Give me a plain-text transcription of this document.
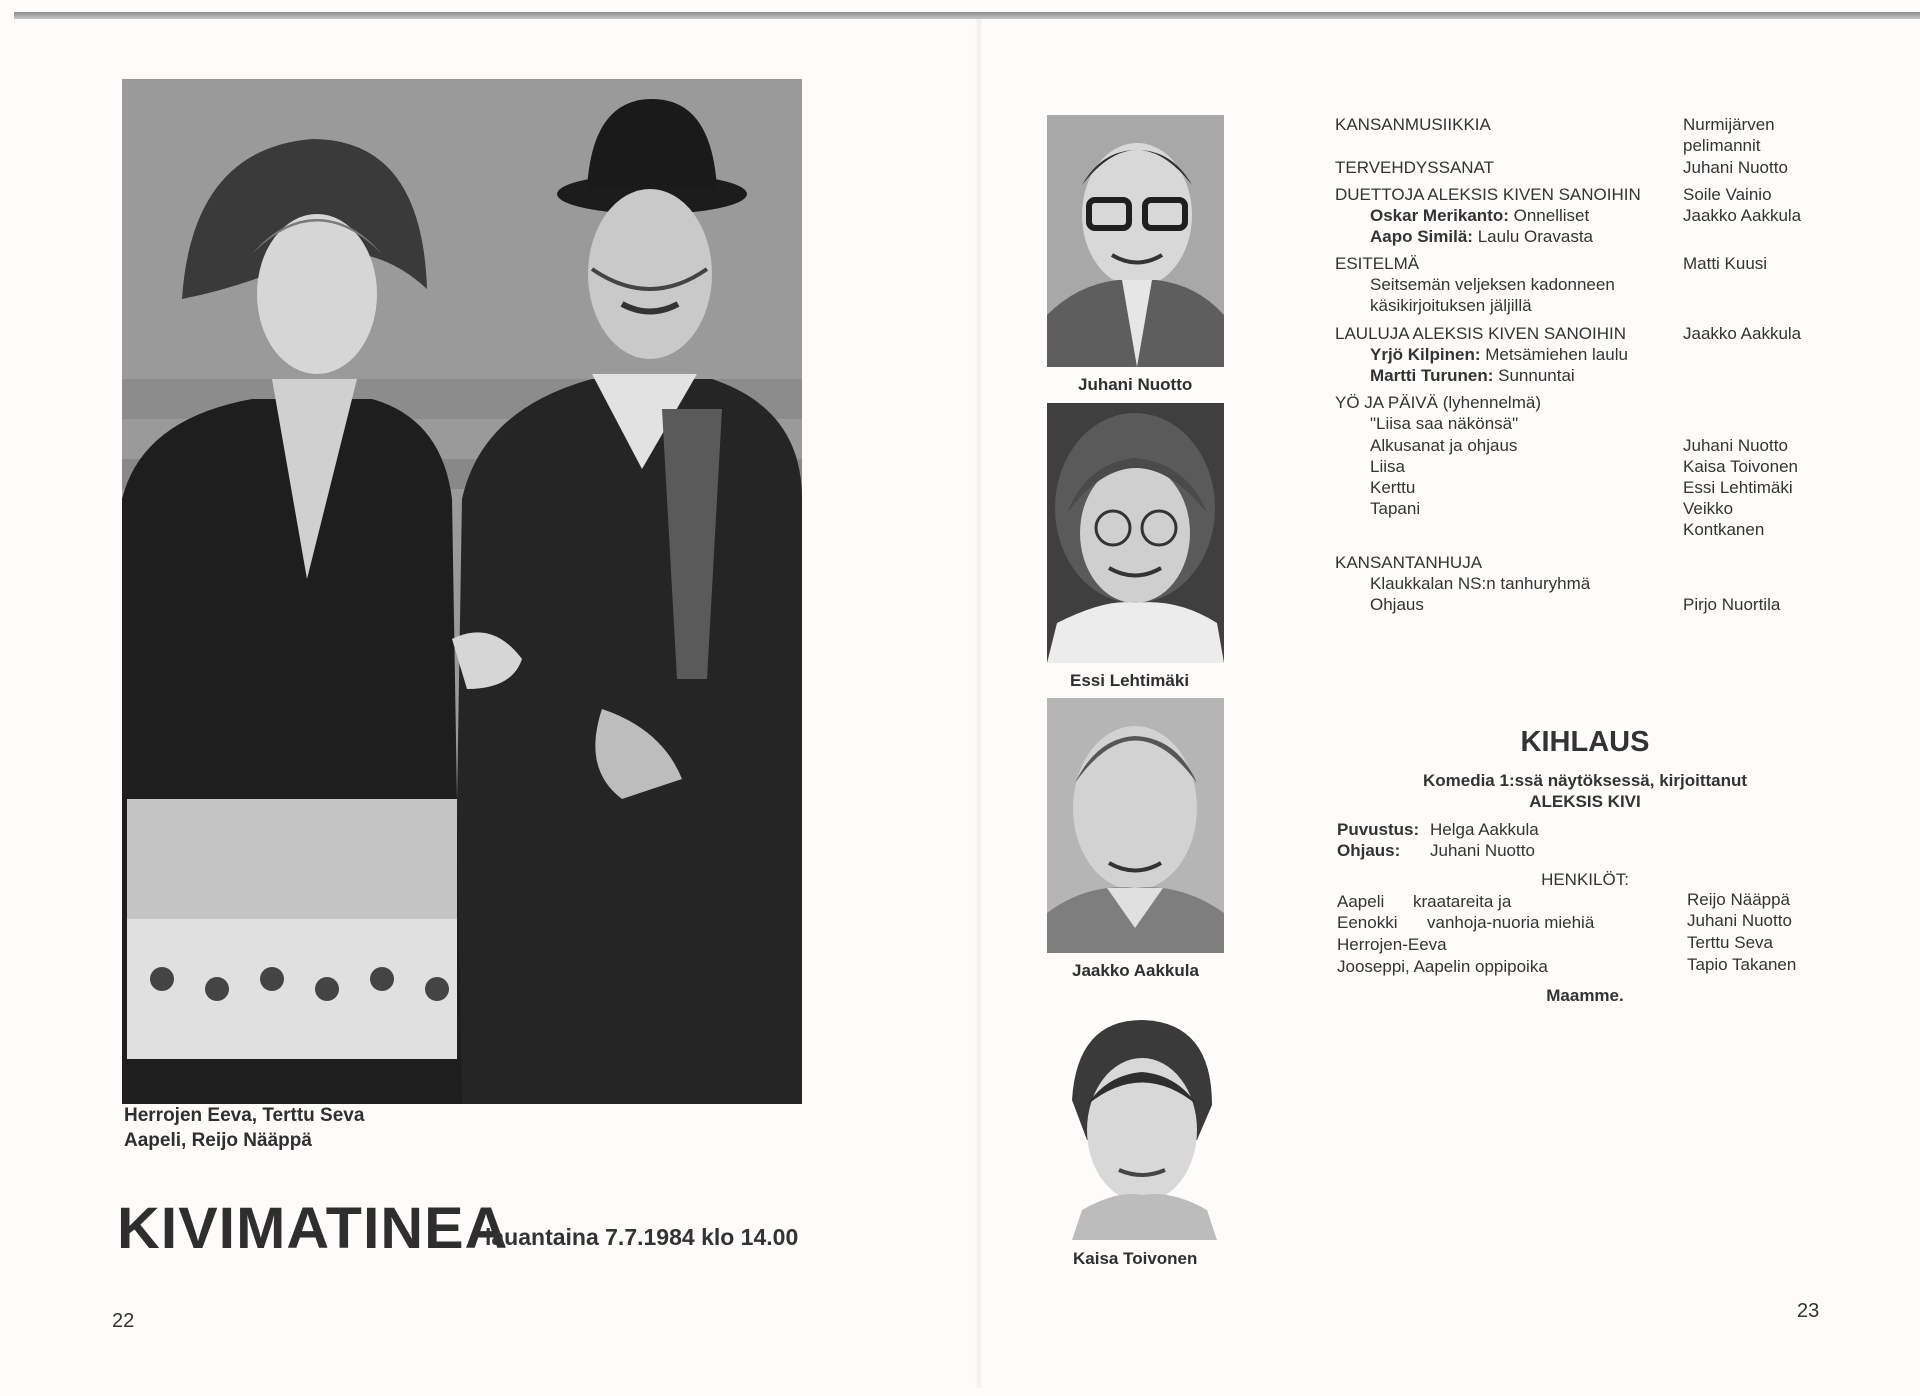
Herrojen Eeva, Terttu Seva
Aapeli, Reijo Nääppä
KIVIMATINEA
lauantaina 7.7.1984 klo 14.00
22
Juhani Nuotto
Essi Lehtimäki
Jaakko Aakkula
Kaisa Toivonen
KANSANMUSIIKKIA	Nurmijärven
pelimannit
TERVEHDYSSANAT	Juhani Nuotto
DUETTOJA ALEKSIS KIVEN SANOIHIN Soile Vainio
Oskar Merikanto: Onnelliset	Jaakko Aakkula
Aapo Similä: Laulu Oravasta
ESITELMÄ	Matti Kuusi
Seitsemän veljeksen kadonneen
käsikirjoituksen jäljillä
LAULUJA ALEKSIS KIVEN SANOIHIN	Jaakko Aakkula
Yrjö Kilpinen: Metsämiehen laulu
Martti Turunen: Sunnuntai
YÖ JA PÄIVÄ (lyhennelmä)
"Liisa saa näkönsä"
Alkusanat ja ohjaus	Juhani Nuotto
Liisa	Kaisa Toivonen
Kerttu	Essi Lehtimäki
Tapani	Veikko
Kontkanen
KANSANTANHUJA
Klaukkalan NS:n tanhuryhmä
Ohjaus	Pirjo Nuortila
KIHLAUS
Komedia 1:ssä näytöksessä, kirjoittanut
ALEKSIS KIVI
Puvustus: Helga Aakkula
Ohjaus: Juhani Nuotto
HENKILÖT:
Aapeli kraatareita ja	Reijo Nääppä
Eenokki vanhoja-nuoria miehiä	Juhani Nuotto
Herrojen-Eeva	Terttu Seva
Jooseppi, Aapelin oppipoika	Tapio Takanen
Maamme.
23
